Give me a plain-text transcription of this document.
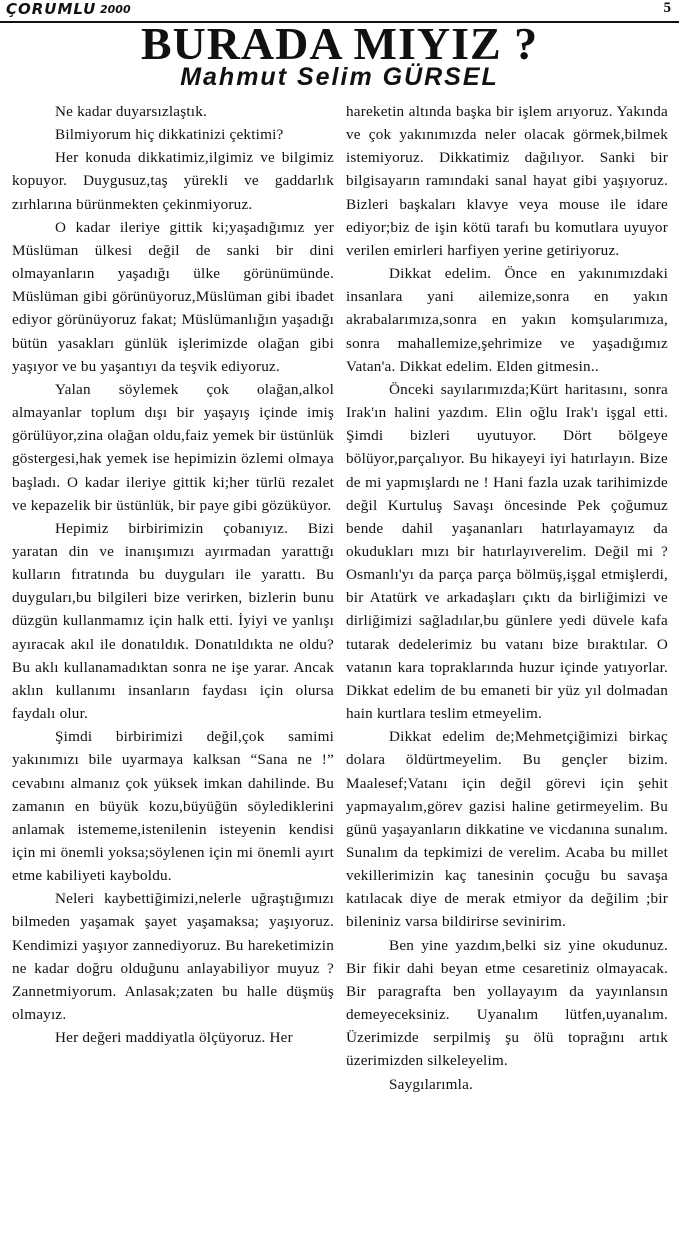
ÇORUMLU 2000	5
BURADA MIYIZ ?
Mahmut Selim GÜRSEL

Ne kadar duyarsızlaştık.

Bilmiyorum hiç dikkatinizi çektimi?

Her konuda dikkatimiz,ilgimiz ve bilgimiz kopuyor. Duygusuz,taş yürekli ve gaddarlık zırhlarına bürünmekten çekinmiyoruz.

O kadar ileriye gittik ki;yaşadığımız yer Müslüman ülkesi değil de sanki bir dini olmayanların yaşadığı ülke görünümünde. Müslüman gibi görünüyoruz,Müslüman gibi ibadet ediyor görünüyoruz fakat; Müslümanlığın yaşadığı bütün yasakları günlük işlerimizde olağan gibi yaşıyor ve bu yaşantıyı da teşvik ediyoruz.

Yalan söylemek çok olağan,alkol almayanlar toplum dışı bir yaşayış içinde imiş görülüyor,zina olağan oldu,faiz yemek bir üstünlük göstergesi,hak yemek ise hepimizin özlemi olmaya başladı. O kadar ileriye gittik ki;her türlü rezalet ve kepazelik bir üstünlük, bir paye gibi gözüküyor.

Hepimiz birbirimizin çobanıyız. Bizi yaratan din ve inanışımızı ayırmadan yarattığı kulların fıtratında bu duyguları ile yarattı. Bu duyguları,bu bilgileri bize verirken, bizlerin bunu düzgün kullanmamız için halk etti. İyiyi ve yanlışı ayıracak akıl ile donatıldık. Donatıldıkta ne oldu? Bu aklı kullanamadıktan sonra ne işe yarar. Ancak aklın kullanımı insanların faydası için olursa faydalı olur.

Şimdi birbirimizi değil,çok samimi yakınımızı bile uyarmaya kalksan “Sana ne !” cevabını almanız çok yüksek imkan dahilinde. Bu zamanın en büyük kozu,büyüğün söylediklerini anlamak istememe,istenilenin isteyenin kendisi için mi önemli yoksa;söylenen için mi önemli ayırt etme kabiliyeti kayboldu.

Neleri kaybettiğimizi,nelerle uğraştığımızı bilmeden yaşamak şayet yaşamaksa; yaşıyoruz. Kendimizi yaşıyor zannediyoruz. Bu hareketimizin ne kadar doğru olduğunu anlayabiliyor muyuz ? Zannetmiyorum. Anlasak;zaten bu halle düşmüş olmayız.

Her değeri maddiyatla ölçüyoruz. Her

hareketin altında başka bir işlem arıyoruz. Yakında ve çok yakınımızda neler olacak görmek,bilmek istemiyoruz. Dikkatimiz dağılıyor. Sanki bir bilgisayarın ramındaki sanal hayat gibi yaşıyoruz. Bizleri başkaları klavye veya mouse ile idare ediyor;biz de işin kötü tarafı bu komutlara uyuyor verilen emirleri harfiyen yerine getiriyoruz.

Dikkat edelim. Önce en yakınımızdaki insanlara yani ailemize,sonra en yakın akrabalarımıza,sonra en yakın komşularımıza, sonra mahallemize,şehrimize ve yaşadığımız Vatan'a. Dikkat edelim. Elden gitmesin..

Önceki sayılarımızda;Kürt haritasını, sonra Irak'ın halini yazdım. Elin oğlu Irak'ı işgal etti. Şimdi bizleri uyutuyor. Dört bölgeye bölüyor,parçalıyor. Bu hikayeyi iyi hatırlayın. Bize de mi yapmışlardı ne ! Hani fazla uzak tarihimizde değil Kurtuluş Savaşı öncesinde Pek çoğumuz bende dahil yaşananları hatırlayamayız da okudukları mızı bir hatırlayıverelim. Değil mi ? Osmanlı'yı da parça parça bölmüş,işgal etmişlerdi, bir Atatürk ve arkadaşları çıktı da birliğimizi ve dirliğimizi sağladılar,bu günlere yedi düvele kafa tutarak dedelerimiz bu vatanı bize bıraktılar. O vatanın kara topraklarında huzur içinde yatıyorlar. Dikkat edelim de bu emaneti bir yüz yıl dolmadan hain kurtlara teslim etmeyelim.

Dikkat edelim de;Mehmetçiğimizi birkaç dolara öldürtmeyelim. Bu gençler bizim. Maalesef;Vatanı için değil görevi için şehit yapmayalım,görev gazisi haline getirmeyelim. Bu günü yaşayanların dikkatine ve vicdanına sunalım. Sunalım da tepkimizi de verelim. Acaba bu millet vekillerimizin kaç tanesinin çocuğu bu savaşa katılacak diye de merak etmiyor da değilim ;bir bileniniz varsa bildirirse sevinirim.

Ben yine yazdım,belki siz yine okudunuz. Bir fikir dahi beyan etme cesaretiniz olmayacak. Bir paragrafta ben yollayayım da yayınlansın demeyeceksiniz. Uyanalım lütfen,uyanalım. Üzerimizde serpilmiş şu ölü toprağını artık üzerimizden silkeleyelim.

Saygılarımla.
